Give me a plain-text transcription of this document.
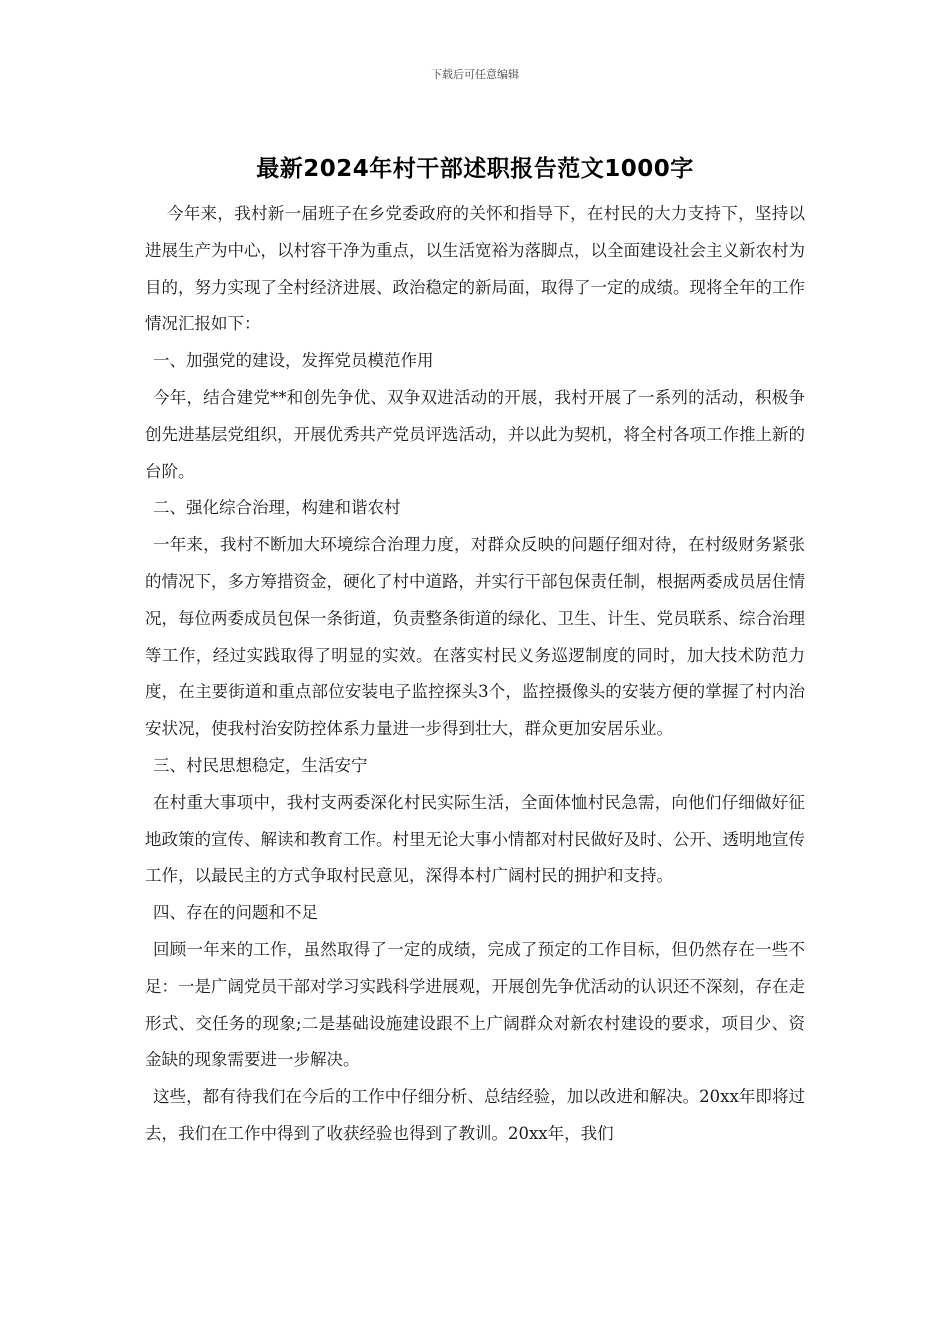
下载后可任意编辑
最新2024年村干部述职报告范文1000字

今年来，我村新一届班子在乡党委政府的关怀和指导下，在村民的大力支持下，坚持以进展生产为中心，以村容干净为重点，以生活宽裕为落脚点，以全面建设社会主义新农村为目的，努力实现了全村经济进展、政治稳定的新局面，取得了一定的成绩。现将全年的工作情况汇报如下：

一、加强党的建设，发挥党员模范作用

今年，结合建党**和创先争优、双争双进活动的开展，我村开展了一系列的活动，积极争创先进基层党组织，开展优秀共产党员评选活动，并以此为契机，将全村各项工作推上新的台阶。

二、强化综合治理，构建和谐农村

一年来，我村不断加大环境综合治理力度，对群众反映的问题仔细对待，在村级财务紧张的情况下，多方筹措资金，硬化了村中道路，并实行干部包保责任制，根据两委成员居住情况，每位两委成员包保一条街道，负责整条街道的绿化、卫生、计生、党员联系、综合治理等工作，经过实践取得了明显的实效。在落实村民义务巡逻制度的同时，加大技术防范力度，在主要街道和重点部位安装电子监控探头3个，监控摄像头的安装方便的掌握了村内治安状况，使我村治安防控体系力量进一步得到壮大，群众更加安居乐业。

三、村民思想稳定，生活安宁

在村重大事项中，我村支两委深化村民实际生活，全面体恤村民急需，向他们仔细做好征地政策的宣传、解读和教育工作。村里无论大事小情都对村民做好及时、公开、透明地宣传工作，以最民主的方式争取村民意见，深得本村广阔村民的拥护和支持。

四、存在的问题和不足

回顾一年来的工作，虽然取得了一定的成绩，完成了预定的工作目标，但仍然存在一些不足：一是广阔党员干部对学习实践科学进展观，开展创先争优活动的认识还不深刻，存在走形式、交任务的现象;二是基础设施建设跟不上广阔群众对新农村建设的要求，项目少、资金缺的现象需要进一步解决。

这些，都有待我们在今后的工作中仔细分析、总结经验，加以改进和解决。20xx年即将过去，我们在工作中得到了收获经验也得到了教训。20xx年，我们
